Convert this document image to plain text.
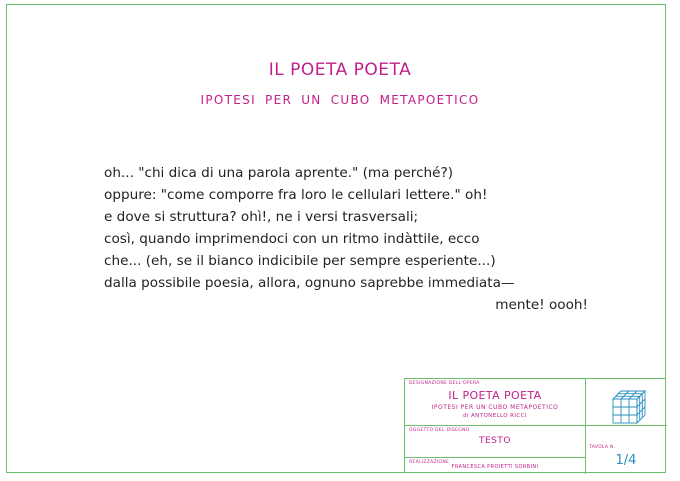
IL POETA POETA
IPOTESI PER UN CUBO METAPOETICO
oh... "chi dica di una parola aprente." (ma perché?)
oppure: "come comporre fra loro le cellulari lettere." oh!
e dove si struttura? ohì!, ne i versi trasversali;
così, quando imprimendoci con un ritmo indàttile, ecco
che... (eh, se il bianco indicibile per sempre esperiente...)
dalla possibile poesia, allora, ognuno saprebbe immediata—
mente! oooh!
DESIGNAZIONE DELL'OPERA
OGGETTO DEL DISEGNO
REALIZZAZIONE
TAVOLA N.
IL POETA POETA
IPOTESI PER UN CUBO METAPOETICO
di ANTONELLO RICCI
TESTO
FRANCESCA PROIETTI SORBINI	1/4
